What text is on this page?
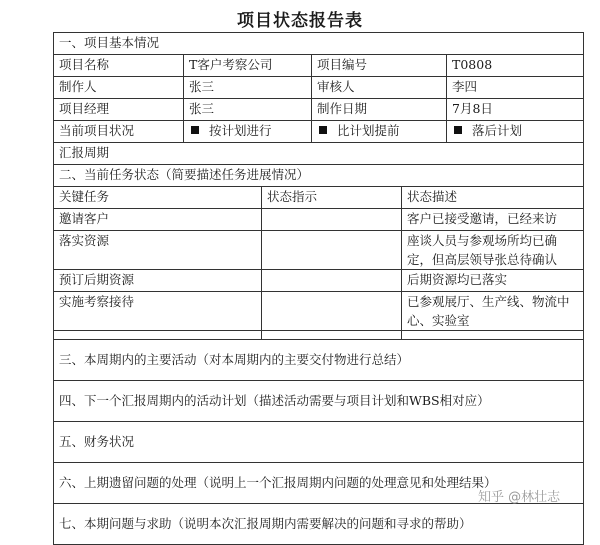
项目状态报告表
一、项目基本情况					
项目名称	T客户考察公司		项目编号		T0808
制作人	张三		审核人		李四
项目经理	张三		制作日期		7月8日
当前项目状况	按计划进行		比计划提前		落后计划
汇报周期					
二、当前任务状态（简要描述任务进展情况）					
关键任务		状态指示		状态描述	
邀请客户				客户已接受邀请，已经来访	
落实资源				座谈人员与参观场所均已确定，但高层领导张总待确认	
预订后期资源				后期资源均已落实	
实施考察接待				已参观展厅、生产线、物流中心、实验室	

三、本周期内的主要活动（对本周期内的主要交付物进行总结）					
四、下一个汇报周期内的活动计划（描述活动需要与项目计划和WBS相对应）					
五、财务状况					
六、上期遗留问题的处理（说明上一个汇报周期内问题的处理意见和处理结果）					
七、本期问题与求助（说明本次汇报周期内需要解决的问题和寻求的帮助）					
知乎 @林壮志
